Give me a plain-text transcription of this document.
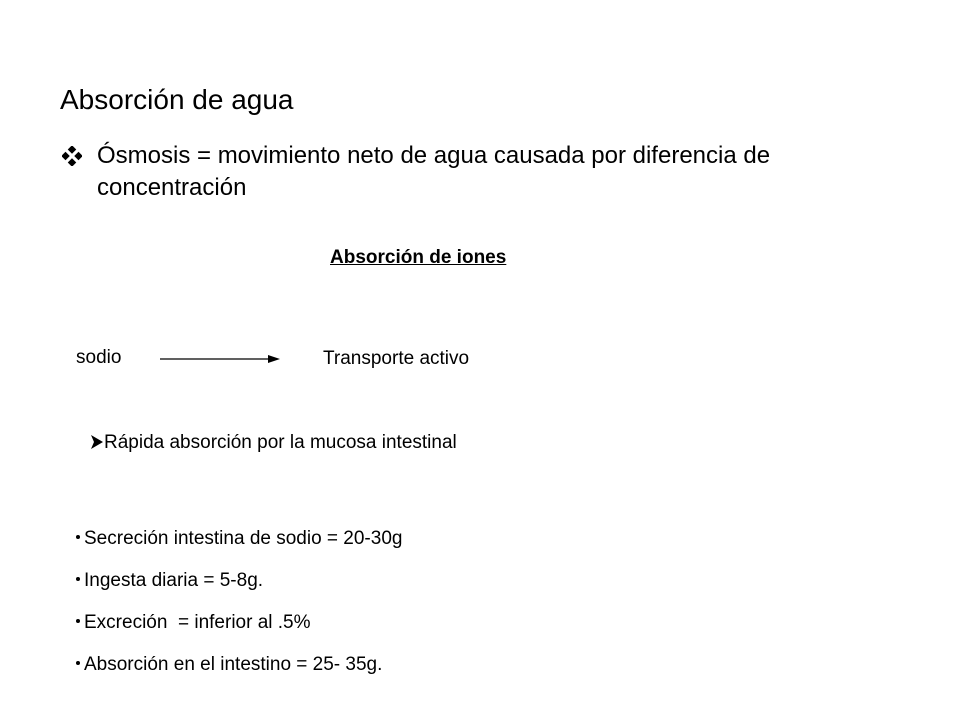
Absorción de agua
Ósmosis = movimiento neto de agua causada por diferencia de concentración
Absorción de iones
sodio	Transporte activo
Rápida absorción por la mucosa intestinal
Secreción intestina de sodio = 20-30g
Ingesta diaria = 5-8g.
Excreción  = inferior al .5%
Absorción en el intestino = 25- 35g.
